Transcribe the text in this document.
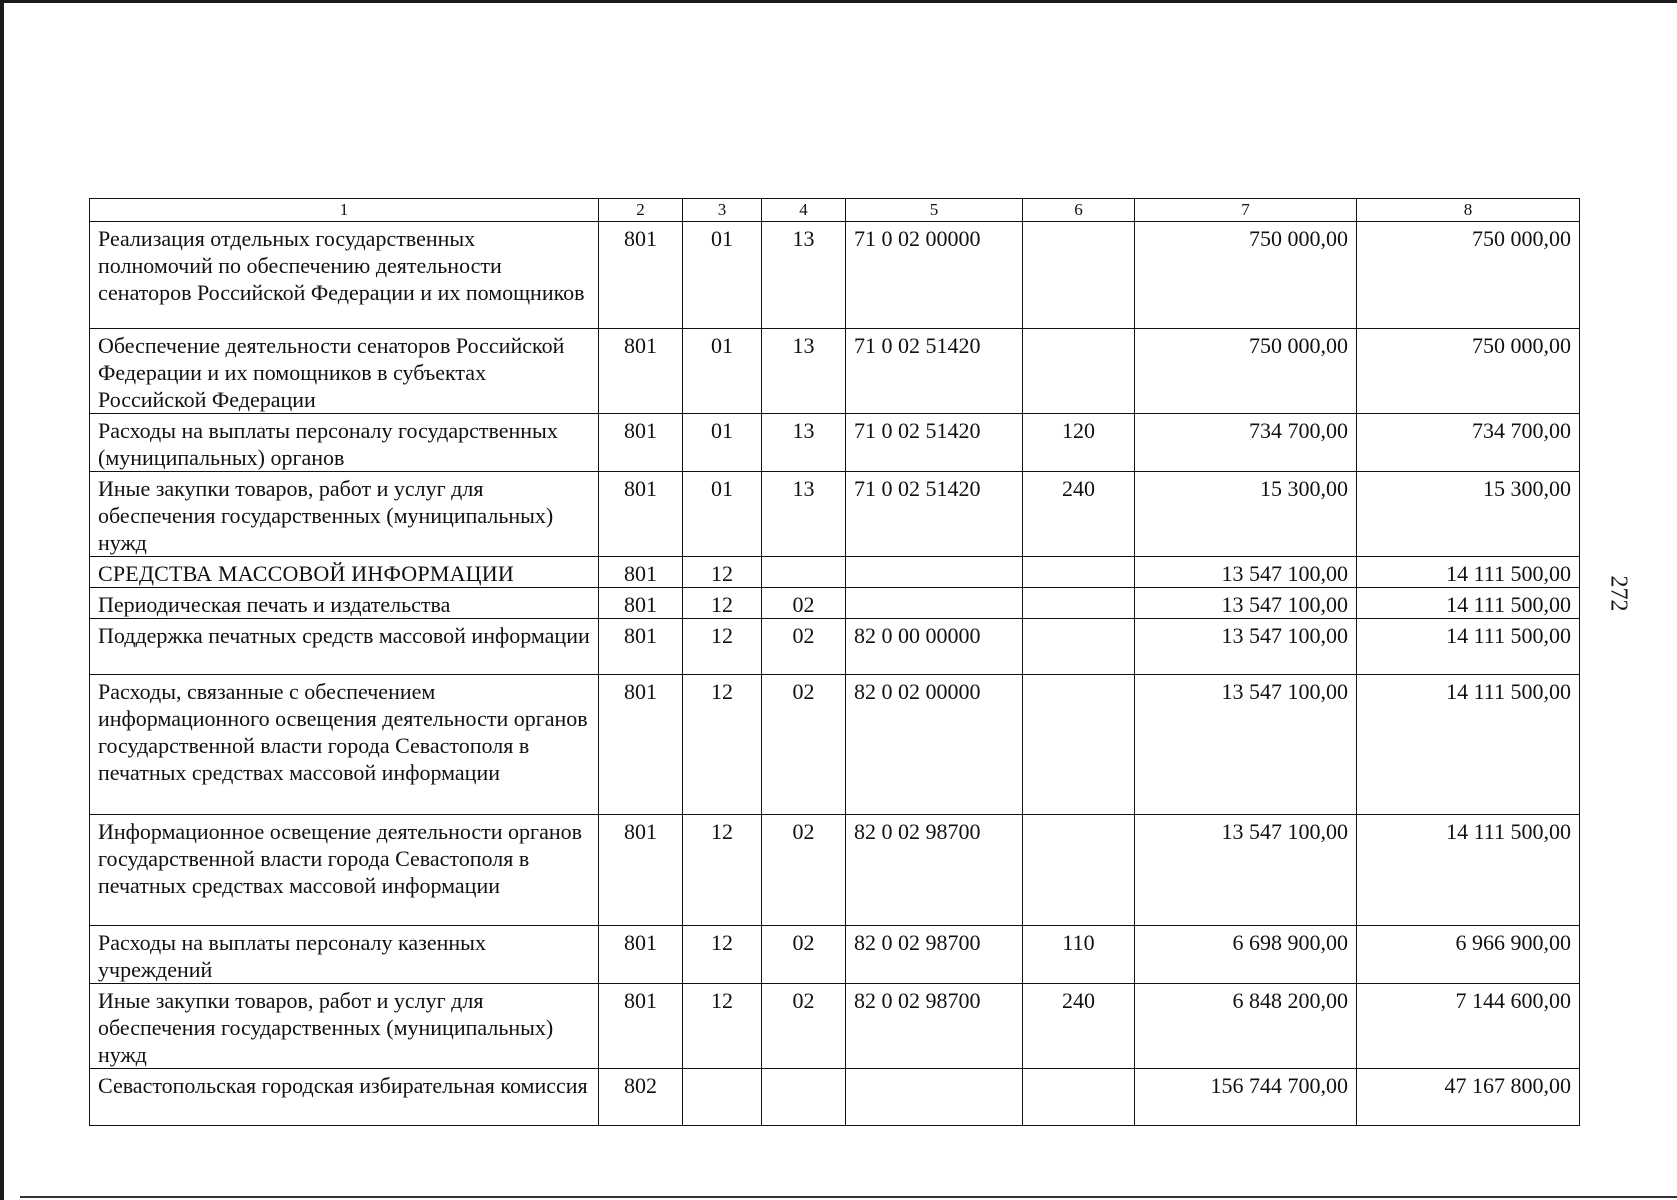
272
1	2	3	4	5	6	7	8
Реализация отдельных государственных полномочий по обеспечению деятельности сенаторов Российской Федерации и их помощников	801	01	13	71 0 02 00000		750 000,00	750 000,00
Обеспечение деятельности сенаторов Российской Федерации и их помощников в субъектах Российской Федерации	801	01	13	71 0 02 51420		750 000,00	750 000,00
Расходы на выплаты персоналу государственных (муниципальных) органов	801	01	13	71 0 02 51420	120	734 700,00	734 700,00
Иные закупки товаров, работ и услуг для обеспечения государственных (муниципальных) нужд	801	01	13	71 0 02 51420	240	15 300,00	15 300,00
СРЕДСТВА МАССОВОЙ ИНФОРМАЦИИ	801	12				13 547 100,00	14 111 500,00
Периодическая печать и издательства	801	12	02			13 547 100,00	14 111 500,00
Поддержка печатных средств массовой информации	801	12	02	82 0 00 00000		13 547 100,00	14 111 500,00
Расходы, связанные с обеспечением информационного освещения деятельности органов государственной власти города Севастополя в печатных средствах массовой информации	801	12	02	82 0 02 00000		13 547 100,00	14 111 500,00
Информационное освещение деятельности органов государственной власти города Севастополя в печатных средствах массовой информации	801	12	02	82 0 02 98700		13 547 100,00	14 111 500,00
Расходы на выплаты персоналу казенных учреждений	801	12	02	82 0 02 98700	110	6 698 900,00	6 966 900,00
Иные закупки товаров, работ и услуг для обеспечения государственных (муниципальных) нужд	801	12	02	82 0 02 98700	240	6 848 200,00	7 144 600,00
Севастопольская городская избирательная комиссия	802					156 744 700,00	47 167 800,00
